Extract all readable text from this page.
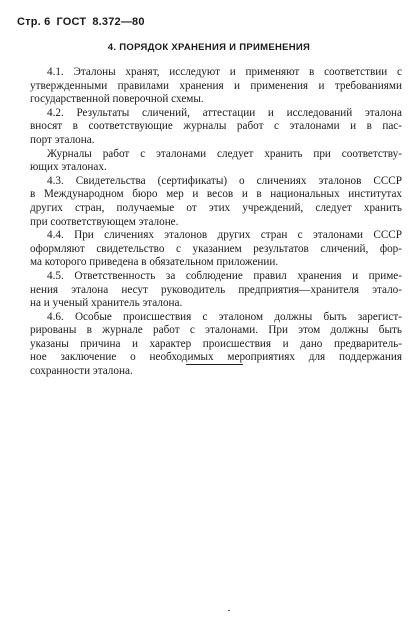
Стр. 6 ГОСТ 8.372—80
4. ПОРЯДОК ХРАНЕНИЯ И ПРИМЕНЕНИЯ
4.1. Эталоны хранят, исследуют и применяют в соответствии с
утвержденными правилами хранения и применения и требованиями
государственной поверочной схемы.
4.2. Результаты сличений, аттестации и исследований эталона
вносят в соответствующие журналы работ с эталонами и в пас-
порт эталона.
Журналы работ с эталонами следует хранить при соответству-
ющих эталонах.
4.3. Свидетельства (сертификаты) о сличениях эталонов СССР
в Международном бюро мер и весов и в национальных институтах
других стран, получаемые от этих учреждений, следует хранить
при соответствующем эталоне.
4.4. При сличениях эталонов других стран с эталонами СССР
оформляют свидетельство с указанием результатов сличений, фор-
ма которого приведена в обязательном приложении.
4.5. Ответственность за соблюдение правил хранения и приме-
нения эталона несут руководитель предприятия—хранителя этало-
на и ученый хранитель эталона.
4.6. Особые происшествия с эталоном должны быть зарегист-
рированы в журнале работ с эталонами. При этом должны быть
указаны причина и характер происшествия и дано предваритель-
ное заключение о необходимых мероприятиях для поддержания
сохранности эталона.
